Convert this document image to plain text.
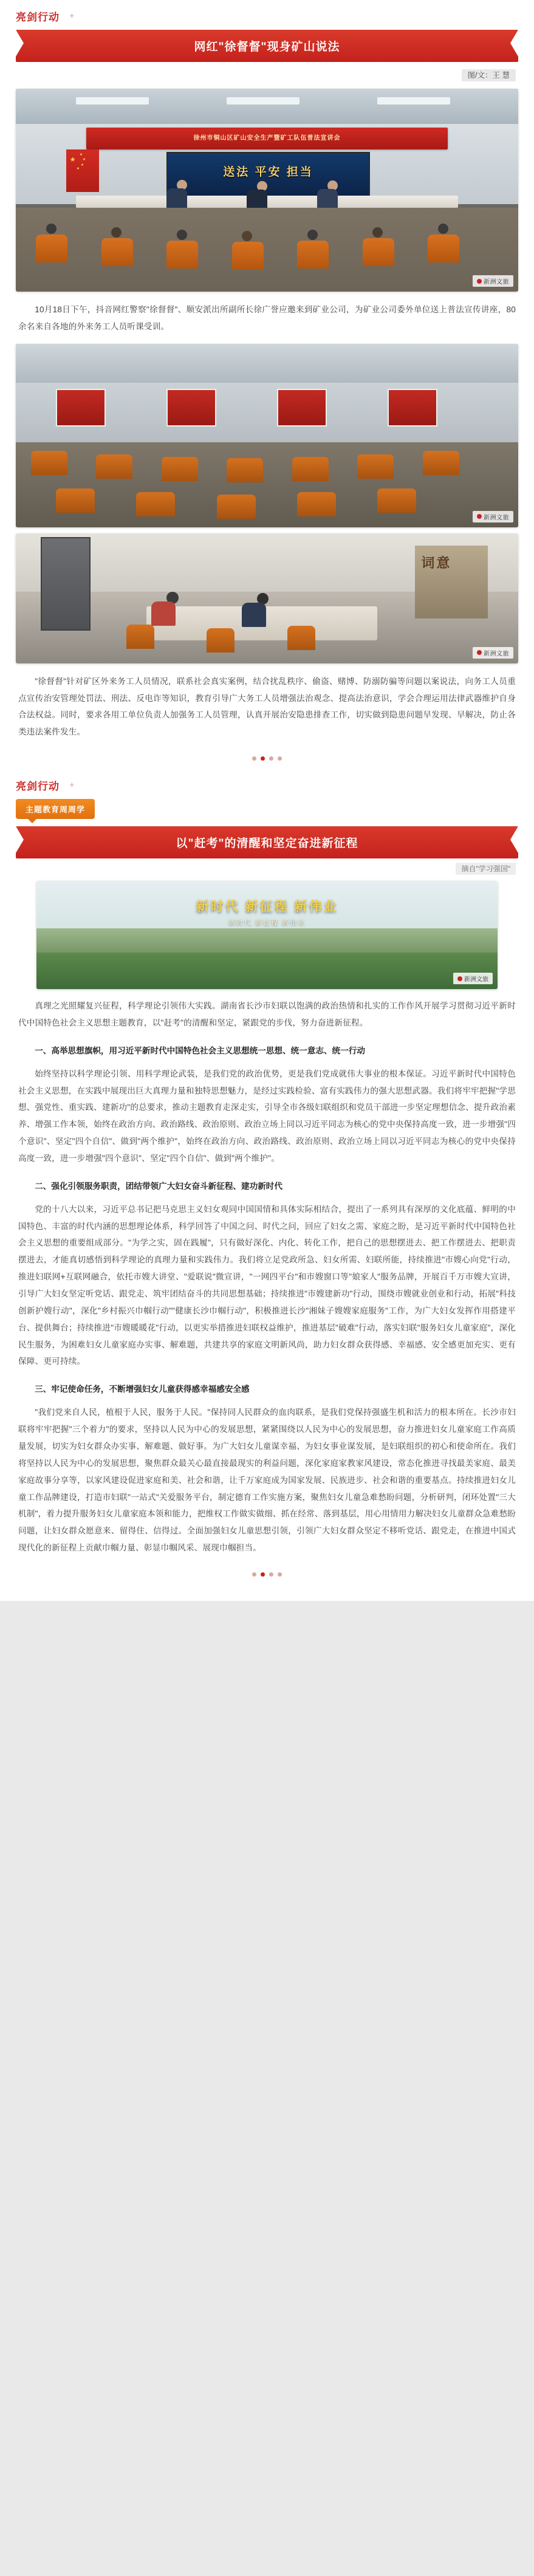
亮剑行动 +
网红"徐督督"现身矿山说法
图/文：王 慧
徐州市铜山区矿山安全生产暨矿工队伍普法宣讲会
★
★
★
★
★	送法 平安 担当
新洲文旅
10月18日下午，抖音网红警察"徐督督"、顺安派出所副所长徐广誉应邀来到矿业公司，为矿业公司委外单位送上普法宣传讲座，80余名来自各地的外来务工人员听课受训。
新洲文旅
词意
新洲文旅
"徐督督"针对矿区外来务工人员情况，联系社会真实案例，结合扰乱秩序、偷盗、赌博、防溺防骗等问题以案说法，向务工人员重点宣传治安管理处罚法、刑法、反电诈等知识，教育引导广大务工人员增强法治观念、提高法治意识，学会合理运用法律武器维护自身合法权益。同时，要求各用工单位负责人加强务工人员管理，认真开展治安隐患排查工作，切实做到隐患问题早发现、早解决，防止各类违法案件发生。
亮剑行动 +
主题教育周周学
以"赶考"的清醒和坚定奋进新征程
摘自"学习强国"
新时代 新征程 新伟业
新时代 新征程 新伟业
新洲文旅
真理之光照耀复兴征程，科学理论引领伟大实践。湖南省长沙市妇联以饱满的政治热情和扎实的工作作风开展学习贯彻习近平新时代中国特色社会主义思想主题教育，以"赶考"的清醒和坚定，紧跟党的步伐，努力奋进新征程。
一、高举思想旗帜，用习近平新时代中国特色社会主义思想统一思想、统一意志、统一行动
始终坚持以科学理论引领、用科学理论武装，是我们党的政治优势，更是我们党成就伟大事业的根本保证。习近平新时代中国特色社会主义思想，在实践中展现出巨大真理力量和独特思想魅力，是经过实践检验、富有实践伟力的强大思想武器。我们将牢牢把握"学思想、强党性、重实践、建新功"的总要求，推动主题教育走深走实，引导全市各级妇联组织和党员干部进一步坚定理想信念、提升政治素养、增强工作本领，始终在政治方向、政治路线、政治原则、政治立场上同以习近平同志为核心的党中央保持高度一致，进一步增强"四个意识"、坚定"四个自信"、做到"两个维护"，始终在政治方向、政治路线、政治原则、政治立场上同以习近平同志为核心的党中央保持高度一致，进一步增强"四个意识"、坚定"四个自信"、做到"两个维护"。
二、强化引领服务职责，团结带领广大妇女奋斗新征程、建功新时代
党的十八大以来，习近平总书记把马克思主义妇女观同中国国情和具体实际相结合，提出了一系列具有深厚的文化底蕴、鲜明的中国特色、丰富的时代内涵的思想理论体系，科学回答了中国之问、时代之问，回应了妇女之需、家庭之盼，是习近平新时代中国特色社会主义思想的重要组成部分。"为学之实，固在践履"，只有做好深化、内化、转化工作，把自己的思想摆进去、把工作摆进去、把职责摆进去，才能真切感悟到科学理论的真理力量和实践伟力。我们将立足党政所急、妇女所需、妇联所能，持续推进"市嫂心向党"行动，推进妇联网+互联网融合，依托市嫂大讲堂、"爱联说"微宣讲，"一网四平台"和市嫂窗口等"娘家人"服务品牌，开展百千万市嫂大宣讲，引导广大妇女坚定听党话、跟党走、筑牢团结奋斗的共同思想基础；持续推进"市嫂建新功"行动，围绕市嫂就业创业和行动，拓展"科技创新护嫂行动"，深化"乡村振兴巾帼行动""健康长沙巾帼行动"，积极推进长沙"湘妹子嫂嫂家庭服务"工作，为广大妇女发挥作用搭建平台、提供舞台；持续推进"市嫂暖暖花"行动，以更实举措推进妇联权益维护，推进基层"破难"行动，落实妇联"服务妇女儿童家庭"，深化民生服务，为困难妇女儿童家庭办实事、解难题，共建共享的家庭文明新风尚，助力妇女群众获得感、幸福感、安全感更加充实、更有保障、更可持续。
三、牢记使命任务，不断增强妇女儿童获得感幸福感安全感
"我们党来自人民，植根于人民，服务于人民。"保持同人民群众的血肉联系，是我们党保持强盛生机和活力的根本所在。长沙市妇联将牢牢把握"三个着力"的要求，坚持以人民为中心的发展思想，紧紧围绕以人民为中心的发展思想，奋力推进妇女儿童家庭工作高质量发展，切实为妇女群众办实事、解难题、做好事。为广大妇女儿童谋幸福、为妇女事业谋发展，是妇联组织的初心和使命所在。我们将坚持以人民为中心的发展思想，聚焦群众最关心最直接最现实的利益问题，深化家庭家教家风建设，常态化推进寻找最美家庭、最美家庭故事分享等，以家风建设促进家庭和美、社会和谐，让千万家庭成为国家发展、民族进步、社会和谐的重要基点。持续推进妇女儿童工作品牌建设，打造市妇联"一站式"关爱服务平台，制定德育工作实施方案，聚焦妇女儿童急难愁盼问题，分析研判，闭环处置"三大机制"，着力提升服务妇女儿童家庭本领和能力，把维权工作做实做细、抓在经常、落到基层，用心用情用力解决妇女儿童群众急难愁盼问题，让妇女群众愿意来、留得住、信得过。全面加强妇女儿童思想引领，引领广大妇女群众坚定不移听党话、跟党走，在推进中国式现代化的新征程上贡献巾帼力量、彰显巾帼风采、展现巾帼担当。
